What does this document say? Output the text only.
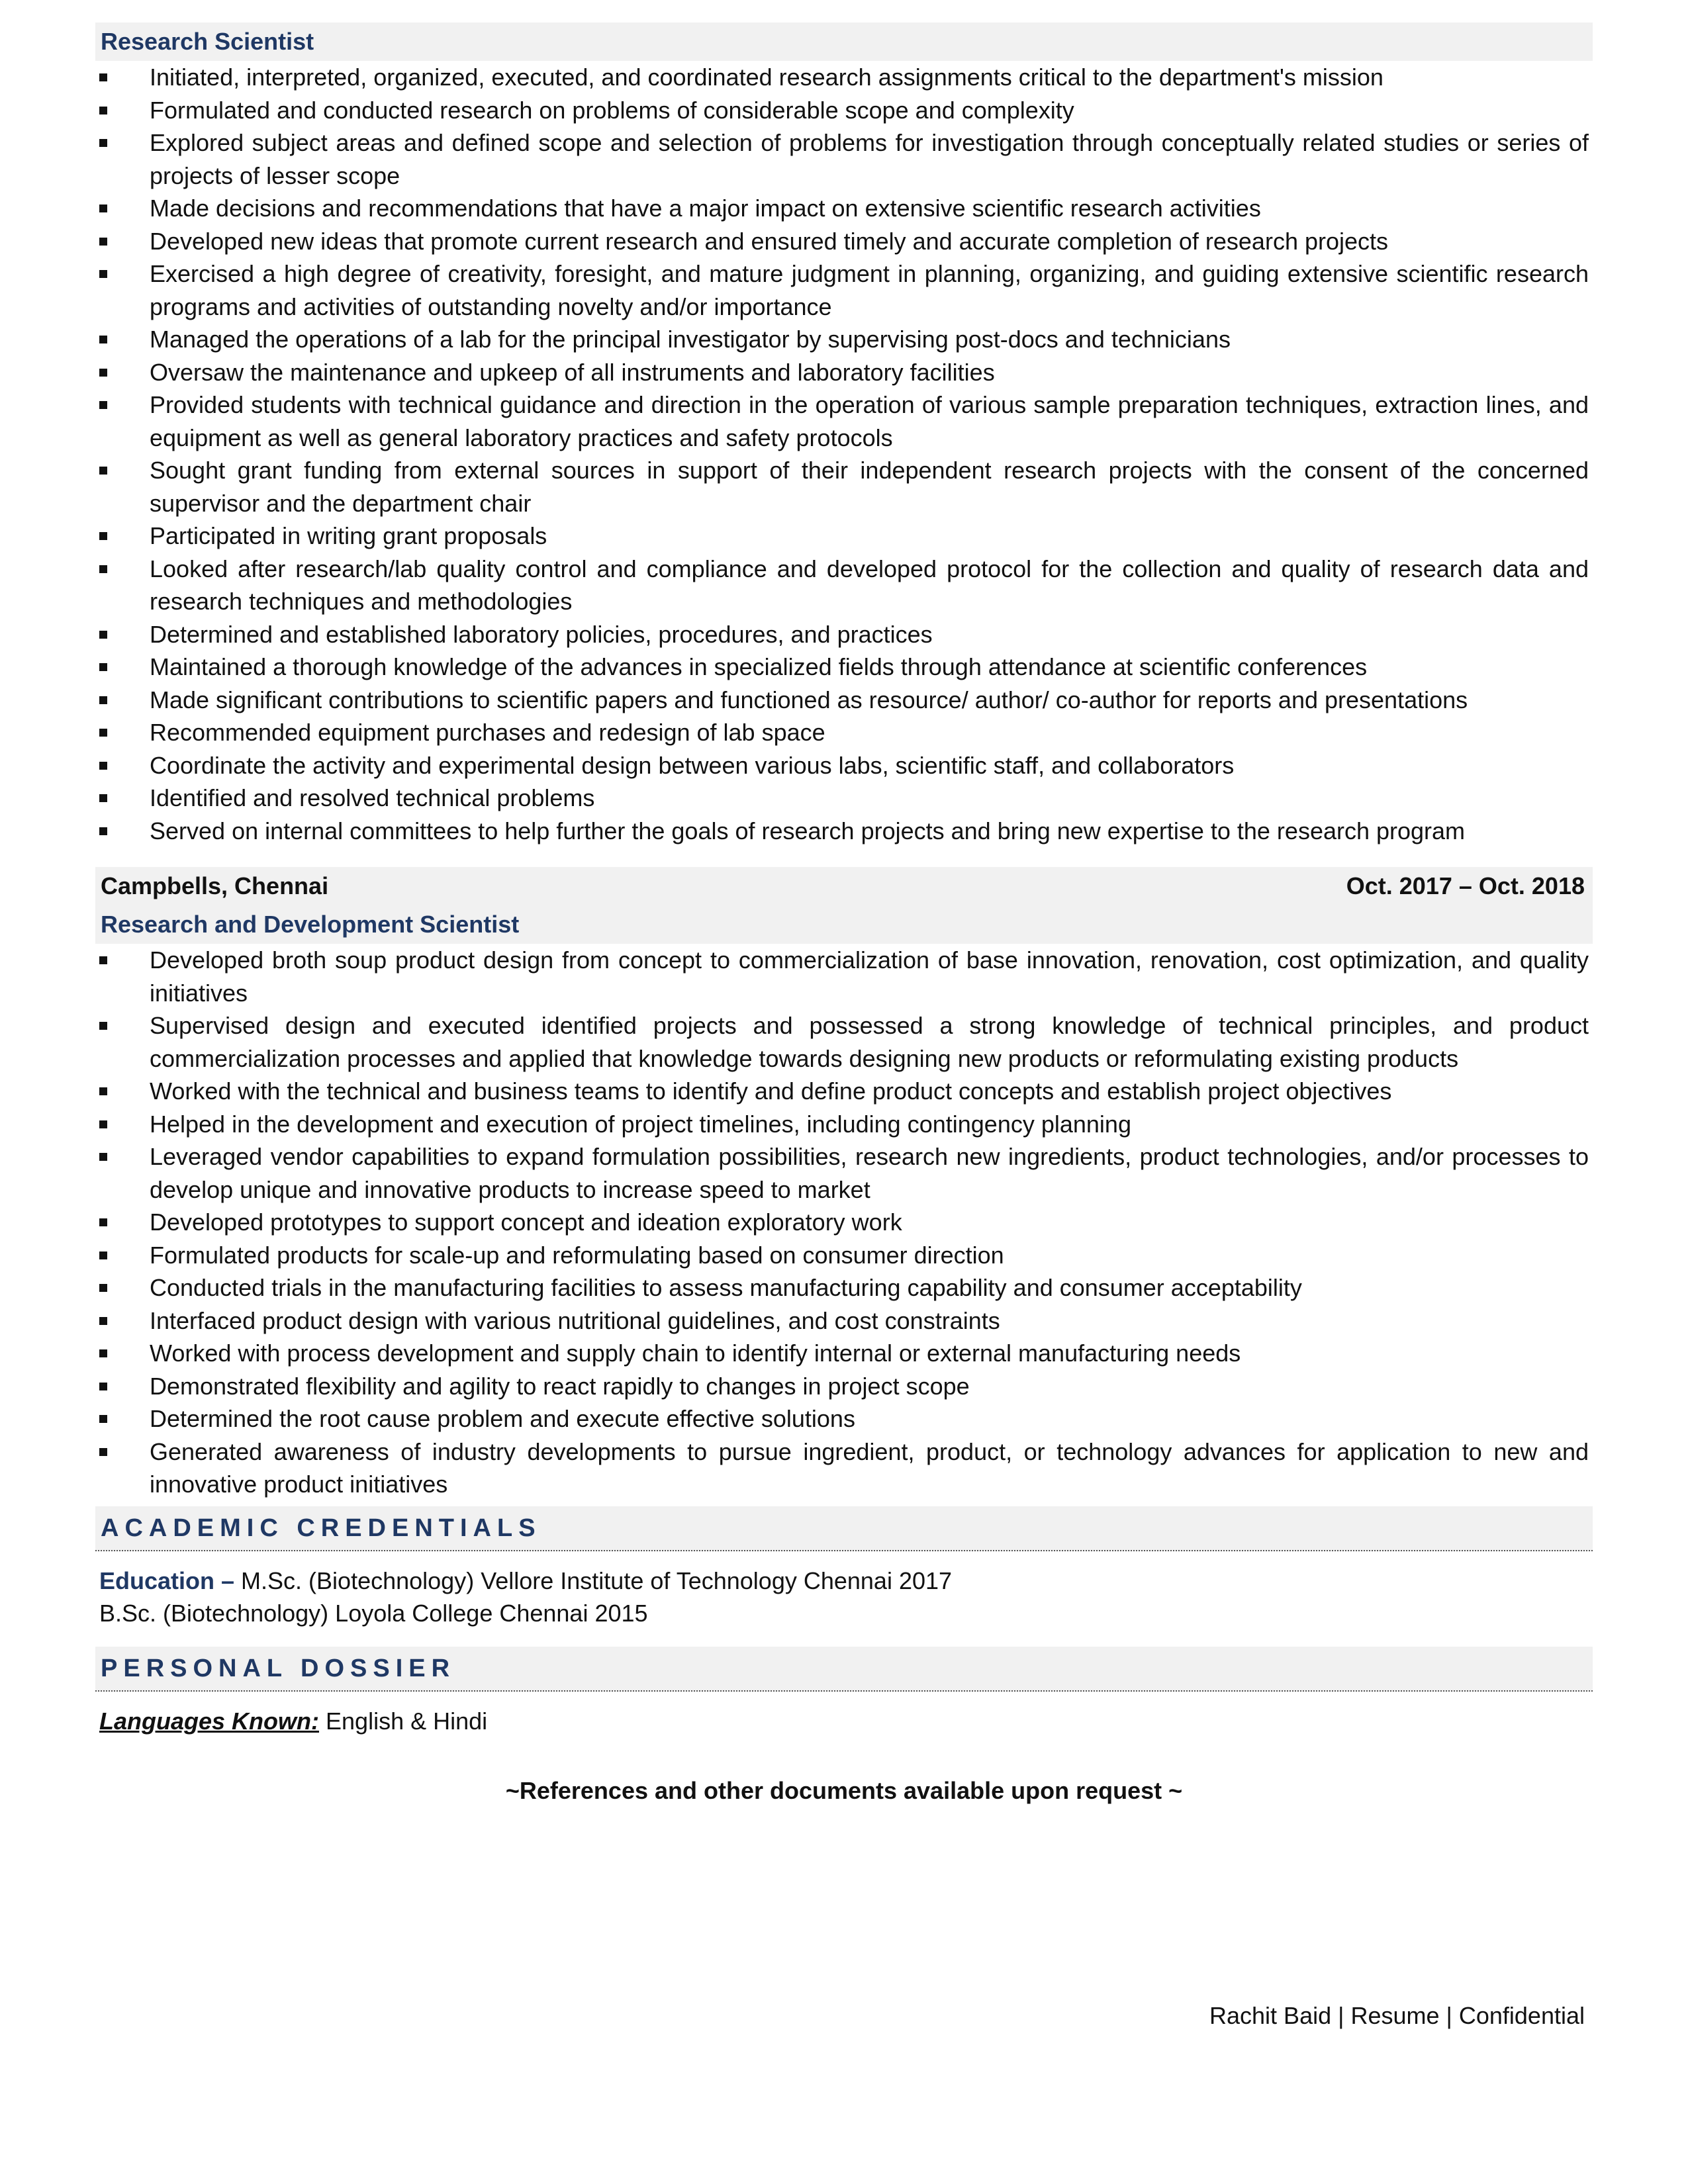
Research Scientist
Initiated, interpreted, organized, executed, and coordinated research assignments critical to the department's mission
Formulated and conducted research on problems of considerable scope and complexity
Explored subject areas and defined scope and selection of problems for investigation through conceptually related studies or series of projects of lesser scope
Made decisions and recommendations that have a major impact on extensive scientific research activities
Developed new ideas that promote current research and ensured timely and accurate completion of research projects
Exercised a high degree of creativity, foresight, and mature judgment in planning, organizing, and guiding extensive scientific research programs and activities of outstanding novelty and/or importance
Managed the operations of a lab for the principal investigator by supervising post-docs and technicians
Oversaw the maintenance and upkeep of all instruments and laboratory facilities
Provided students with technical guidance and direction in the operation of various sample preparation techniques, extraction lines, and equipment as well as general laboratory practices and safety protocols
Sought grant funding from external sources in support of their independent research projects with the consent of the concerned supervisor and the department chair
Participated in writing grant proposals
Looked after research/lab quality control and compliance and developed protocol for the collection and quality of research data and research techniques and methodologies
Determined and established laboratory policies, procedures, and practices
Maintained a thorough knowledge of the advances in specialized fields through attendance at scientific conferences
Made significant contributions to scientific papers and functioned as resource/ author/ co-author for reports and presentations
Recommended equipment purchases and redesign of lab space
Coordinate the activity and experimental design between various labs, scientific staff, and collaborators
Identified and resolved technical problems
Served on internal committees to help further the goals of research projects and bring new expertise to the research program
Campbells, Chennai	Oct. 2017 – Oct. 2018
Research and Development Scientist
Developed broth soup product design from concept to commercialization of base innovation, renovation, cost optimization, and quality initiatives
Supervised design and executed identified projects and possessed a strong knowledge of technical principles, and product commercialization processes and applied that knowledge towards designing new products or reformulating existing products
Worked with the technical and business teams to identify and define product concepts and establish project objectives
Helped in the development and execution of project timelines, including contingency planning
Leveraged vendor capabilities to expand formulation possibilities, research new ingredients, product technologies, and/or processes to develop unique and innovative products to increase speed to market
Developed prototypes to support concept and ideation exploratory work
Formulated products for scale-up and reformulating based on consumer direction
Conducted trials in the manufacturing facilities to assess manufacturing capability and consumer acceptability
Interfaced product design with various nutritional guidelines, and cost constraints
Worked with process development and supply chain to identify internal or external manufacturing needs
Demonstrated flexibility and agility to react rapidly to changes in project scope
Determined the root cause problem and execute effective solutions
Generated awareness of industry developments to pursue ingredient, product, or technology advances for application to new and innovative product initiatives
ACADEMIC CREDENTIALS
Education – M.Sc. (Biotechnology) Vellore Institute of Technology Chennai 2017
B.Sc. (Biotechnology) Loyola College Chennai 2015
PERSONAL DOSSIER
Languages Known: English & Hindi
~References and other documents available upon request ~
Rachit Baid | Resume | Confidential
